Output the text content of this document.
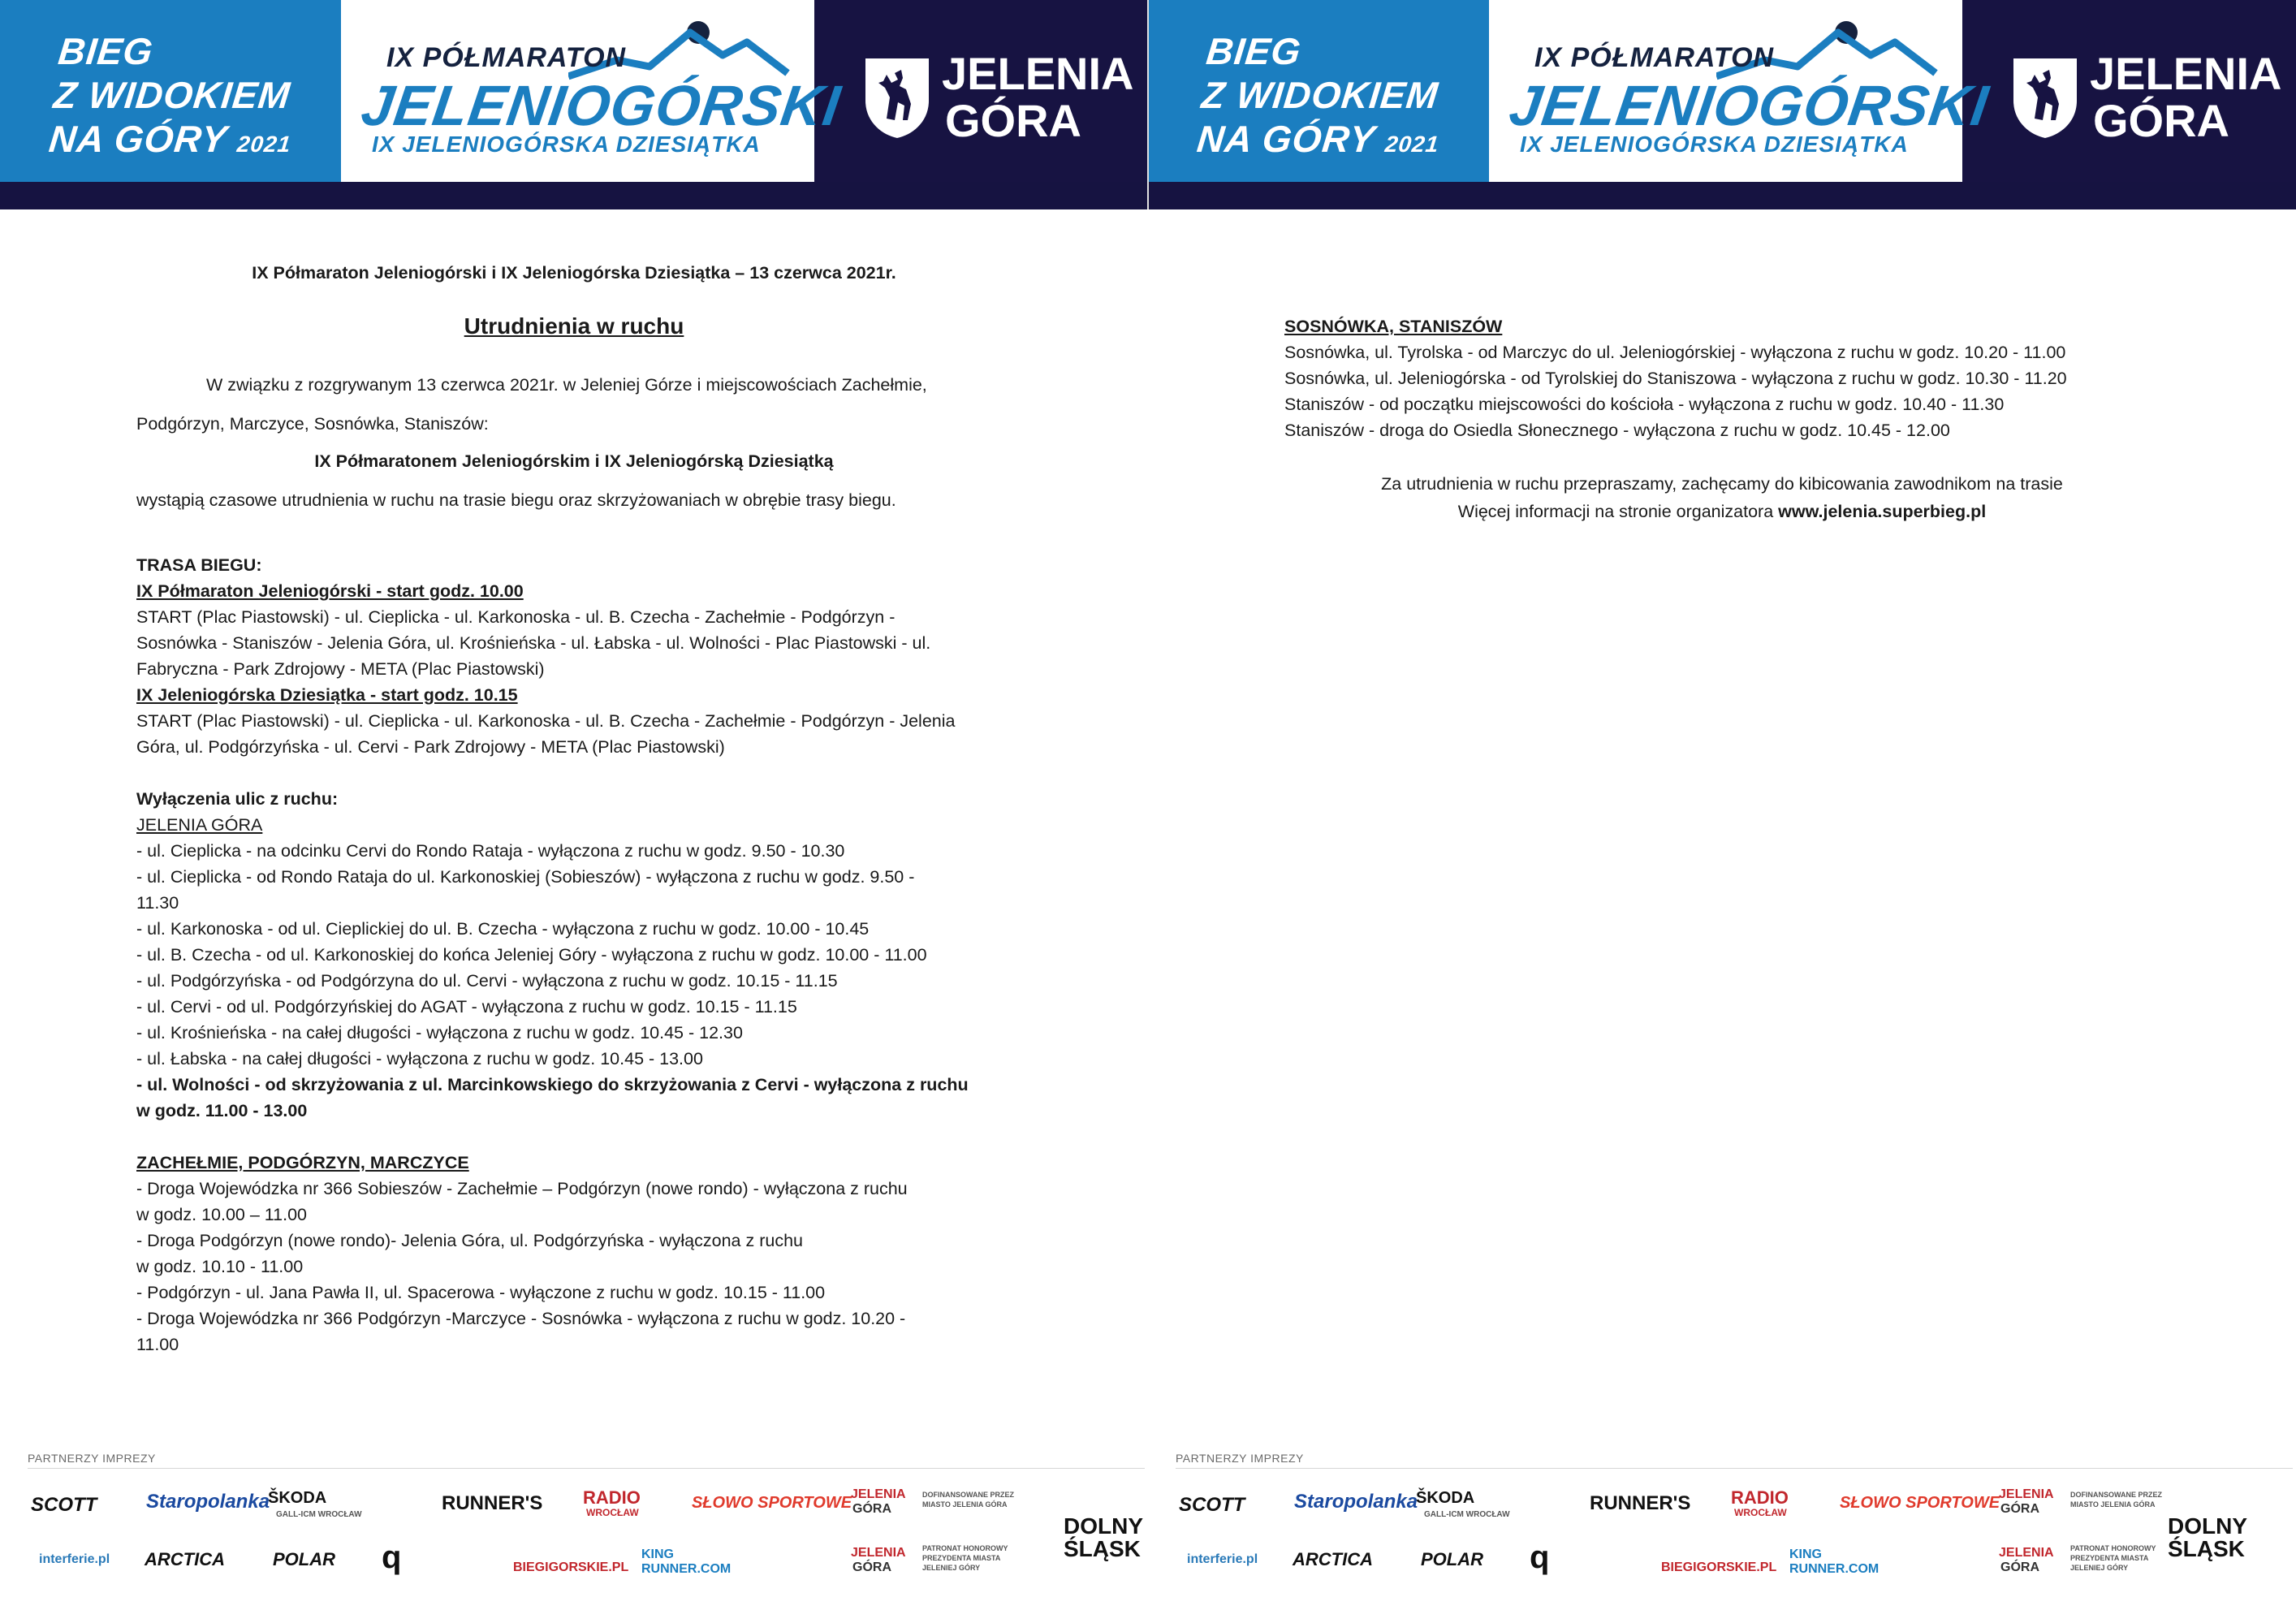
BIEG
Z WIDOKIEM
NA GÓRY 2021
IX PÓŁMARATON
JELENIOGÓRSKI
IX JELENIOGÓRSKA DZIESIĄTKA
JELENIA
GÓRA
IX Półmaraton Jeleniogórski i IX Jeleniogórska Dziesiątka – 13 czerwca 2021r.
Utrudnienia w ruchu
W związku z rozgrywanym 13 czerwca 2021r. w Jeleniej Górze i miejscowościach Zachełmie,
Podgórzyn, Marczyce, Sosnówka, Staniszów:
IX Półmaratonem Jeleniogórskim i IX Jeleniogórską Dziesiątką
wystąpią czasowe utrudnienia w ruchu na trasie biegu oraz skrzyżowaniach w obrębie trasy biegu.
TRASA BIEGU:
IX Półmaraton Jeleniogórski - start godz. 10.00
START (Plac Piastowski) - ul. Cieplicka - ul. Karkonoska - ul. B. Czecha - Zachełmie - Podgórzyn -
Sosnówka - Staniszów - Jelenia Góra, ul. Krośnieńska - ul. Łabska - ul. Wolności - Plac Piastowski - ul.
Fabryczna - Park Zdrojowy - META (Plac Piastowski)
IX Jeleniogórska Dziesiątka - start godz. 10.15
START (Plac Piastowski) - ul. Cieplicka - ul. Karkonoska - ul. B. Czecha - Zachełmie - Podgórzyn - Jelenia
Góra, ul. Podgórzyńska - ul. Cervi - Park Zdrojowy - META (Plac Piastowski)
Wyłączenia ulic z ruchu:
JELENIA GÓRA
- ul. Cieplicka - na odcinku Cervi do Rondo Rataja - wyłączona z ruchu w godz. 9.50 - 10.30
- ul. Cieplicka - od Rondo Rataja do ul. Karkonoskiej (Sobieszów) - wyłączona z ruchu w godz. 9.50 -
11.30
- ul. Karkonoska - od ul. Cieplickiej do ul. B. Czecha - wyłączona z ruchu w godz. 10.00 - 10.45
- ul. B. Czecha - od ul. Karkonoskiej do końca Jeleniej Góry - wyłączona z ruchu w godz. 10.00 - 11.00
- ul. Podgórzyńska - od Podgórzyna do ul. Cervi - wyłączona z ruchu w godz. 10.15 - 11.15
- ul. Cervi - od ul. Podgórzyńskiej do AGAT - wyłączona z ruchu w godz. 10.15 - 11.15
- ul. Krośnieńska - na całej długości - wyłączona z ruchu w godz. 10.45 - 12.30
- ul. Łabska - na całej długości - wyłączona z ruchu w godz. 10.45 - 13.00
- ul. Wolności - od skrzyżowania z ul. Marcinkowskiego do skrzyżowania z Cervi - wyłączona z ruchu
w godz. 11.00 - 13.00
ZACHEŁMIE, PODGÓRZYN, MARCZYCE
- Droga Wojewódzka nr 366 Sobieszów - Zachełmie – Podgórzyn (nowe rondo) - wyłączona z ruchu
w godz. 10.00 – 11.00
- Droga Podgórzyn (nowe rondo)- Jelenia Góra, ul. Podgórzyńska - wyłączona z ruchu
w godz. 10.10 - 11.00
- Podgórzyn - ul. Jana Pawła II, ul. Spacerowa - wyłączone z ruchu w godz. 10.15 - 11.00
- Droga Wojewódzka nr 366 Podgórzyn -Marczyce - Sosnówka - wyłączona z ruchu w godz. 10.20 -
11.00
PARTNERZY IMPREZY
SCOTT	Staropolanka
ŠKODA
GALL-ICM WROCŁAW
RUNNER'S RADIO
WROCŁAW
SŁOWO SPORTOWE
JELENIA
GÓRA
DOFINANSOWANE PRZEZ
MIASTO JELENIA GÓRA
interferie.pl ARCTICA	POLAR q	BIEGIGORSKIE.PL
KING
RUNNER.COM
JELENIA
GÓRA
PATRONAT HONOROWY
PREZYDENTA MIASTA
JELENIEJ GÓRY
DOLNY
ŚLĄSK
BIEG
Z WIDOKIEM
NA GÓRY 2021
IX PÓŁMARATON
JELENIOGÓRSKI
IX JELENIOGÓRSKA DZIESIĄTKA
JELENIA
GÓRA
SOSNÓWKA, STANISZÓW
Sosnówka, ul. Tyrolska - od Marczyc do ul. Jeleniogórskiej - wyłączona z ruchu w godz. 10.20 - 11.00
Sosnówka, ul. Jeleniogórska - od Tyrolskiej do Staniszowa - wyłączona z ruchu w godz. 10.30 - 11.20
Staniszów - od początku miejscowości do kościoła - wyłączona z ruchu w godz. 10.40 - 11.30
Staniszów - droga do Osiedla Słonecznego - wyłączona z ruchu w godz. 10.45 - 12.00
Za utrudnienia w ruchu przepraszamy, zachęcamy do kibicowania zawodnikom na trasie
Więcej informacji na stronie organizatora www.jelenia.superbieg.pl
PARTNERZY IMPREZY
SCOTT	Staropolanka
ŠKODA
GALL-ICM WROCŁAW
RUNNER'S RADIO
WROCŁAW
SŁOWO SPORTOWE
JELENIA
GÓRA
DOFINANSOWANE PRZEZ
MIASTO JELENIA GÓRA
interferie.pl ARCTICA	POLAR q	BIEGIGORSKIE.PL
KING
RUNNER.COM
JELENIA
GÓRA
PATRONAT HONOROWY
PREZYDENTA MIASTA
JELENIEJ GÓRY
DOLNY
ŚLĄSK
